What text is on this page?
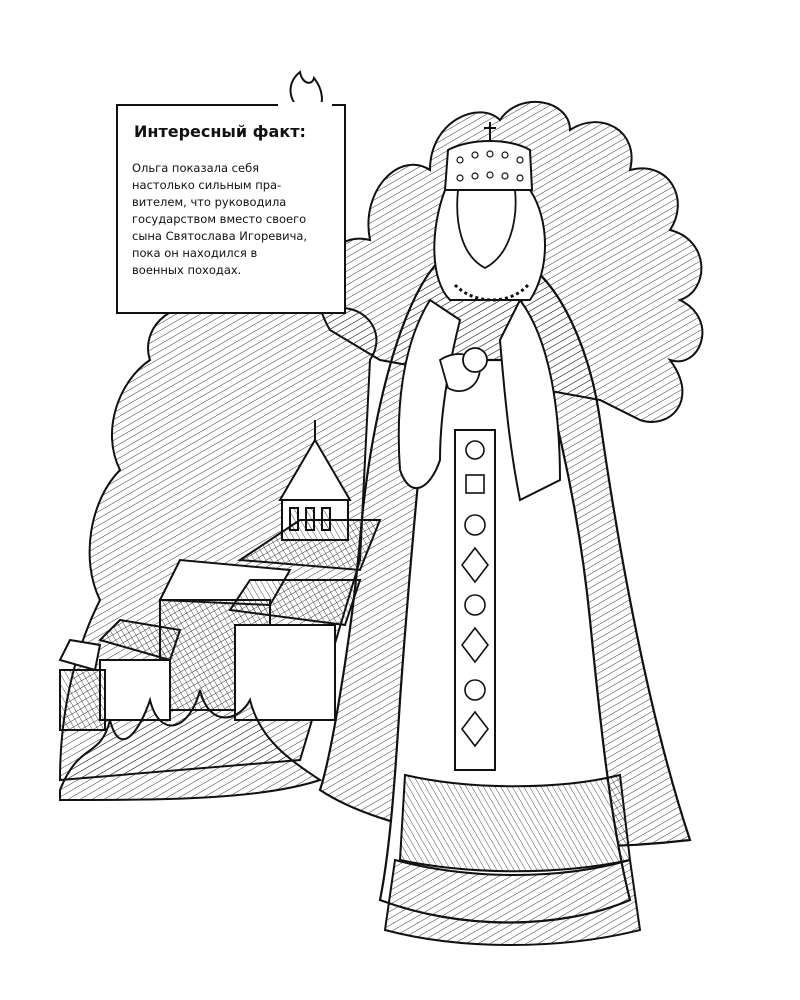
Интересный факт:
Ольга показала себя
настолько сильным пра-
вителем, что руководила
государством вместо своего
сына Святослава Игоревича,
пока он находился в
военных походах.
